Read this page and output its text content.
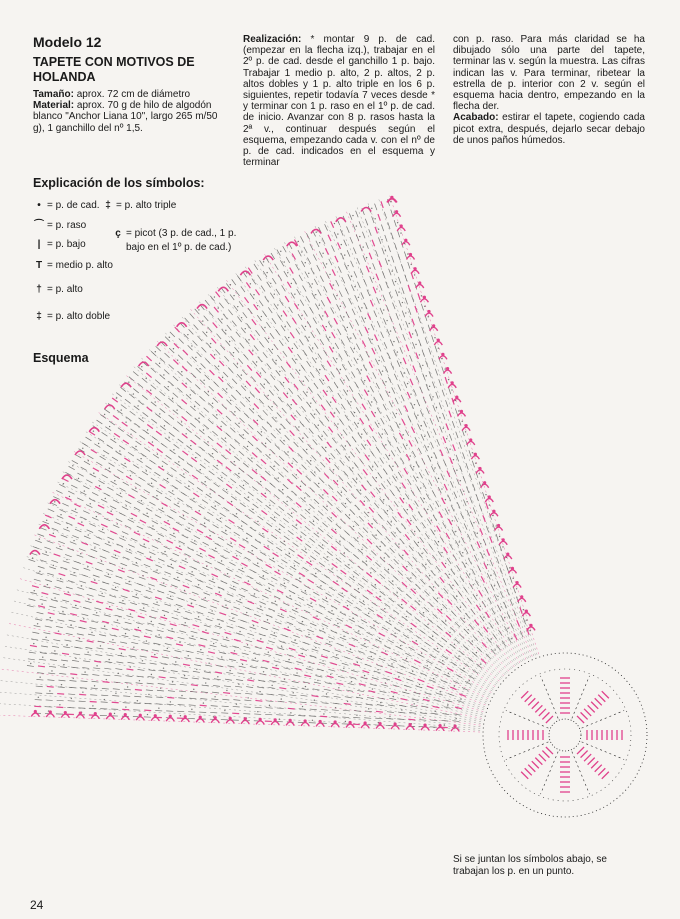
Modelo 12
TAPETE CON MOTIVOS DE HOLANDA
Tamaño: aprox. 72 cm de diámetro
Material: aprox. 70 g de hilo de algodón blanco "Anchor Liana 10", largo 265 m/50 g), 1 ganchillo del nº 1,5.
Realización: * montar 9 p. de cad. (empezar en la flecha izq.), trabajar en el 2º p. de cad. desde el ganchillo 1 p. bajo. Trabajar 1 medio p. alto, 2 p. altos, 2 p. altos dobles y 1 p. alto triple en los 6 p. siguientes, repetir todavía 7 veces desde * y terminar con 1 p. raso en el 1º p. de cad. de inicio. Avanzar con 8 p. rasos hasta la 2ª v., continuar después según el esquema, empezando cada v. con el nº de p. de cad. indicados en el esquema y terminar
con p. raso. Para más claridad se ha dibujado sólo una parte del tapete, terminar las v. según la muestra. Las cifras indican las v. Para terminar, ribetear la estrella de p. interior con 2 v. según el esquema hacia dentro, empezando en la flecha der.
Acabado: estirar el tapete, cogiendo cada picot extra, después, dejarlo secar debajo de unos paños húmedos.
Explicación de los símbolos:
• = p. de cad.
⌒ = p. raso
| = p. bajo
T = medio p. alto
† = p. alto
‡ = p. alto doble
‡ = p. alto triple
ç = picot (3 p. de cad., 1 p.
bajo en el 1º p. de cad.)
Esquema
Si se juntan los símbolos abajo, se trabajan los p. en un punto.
24
